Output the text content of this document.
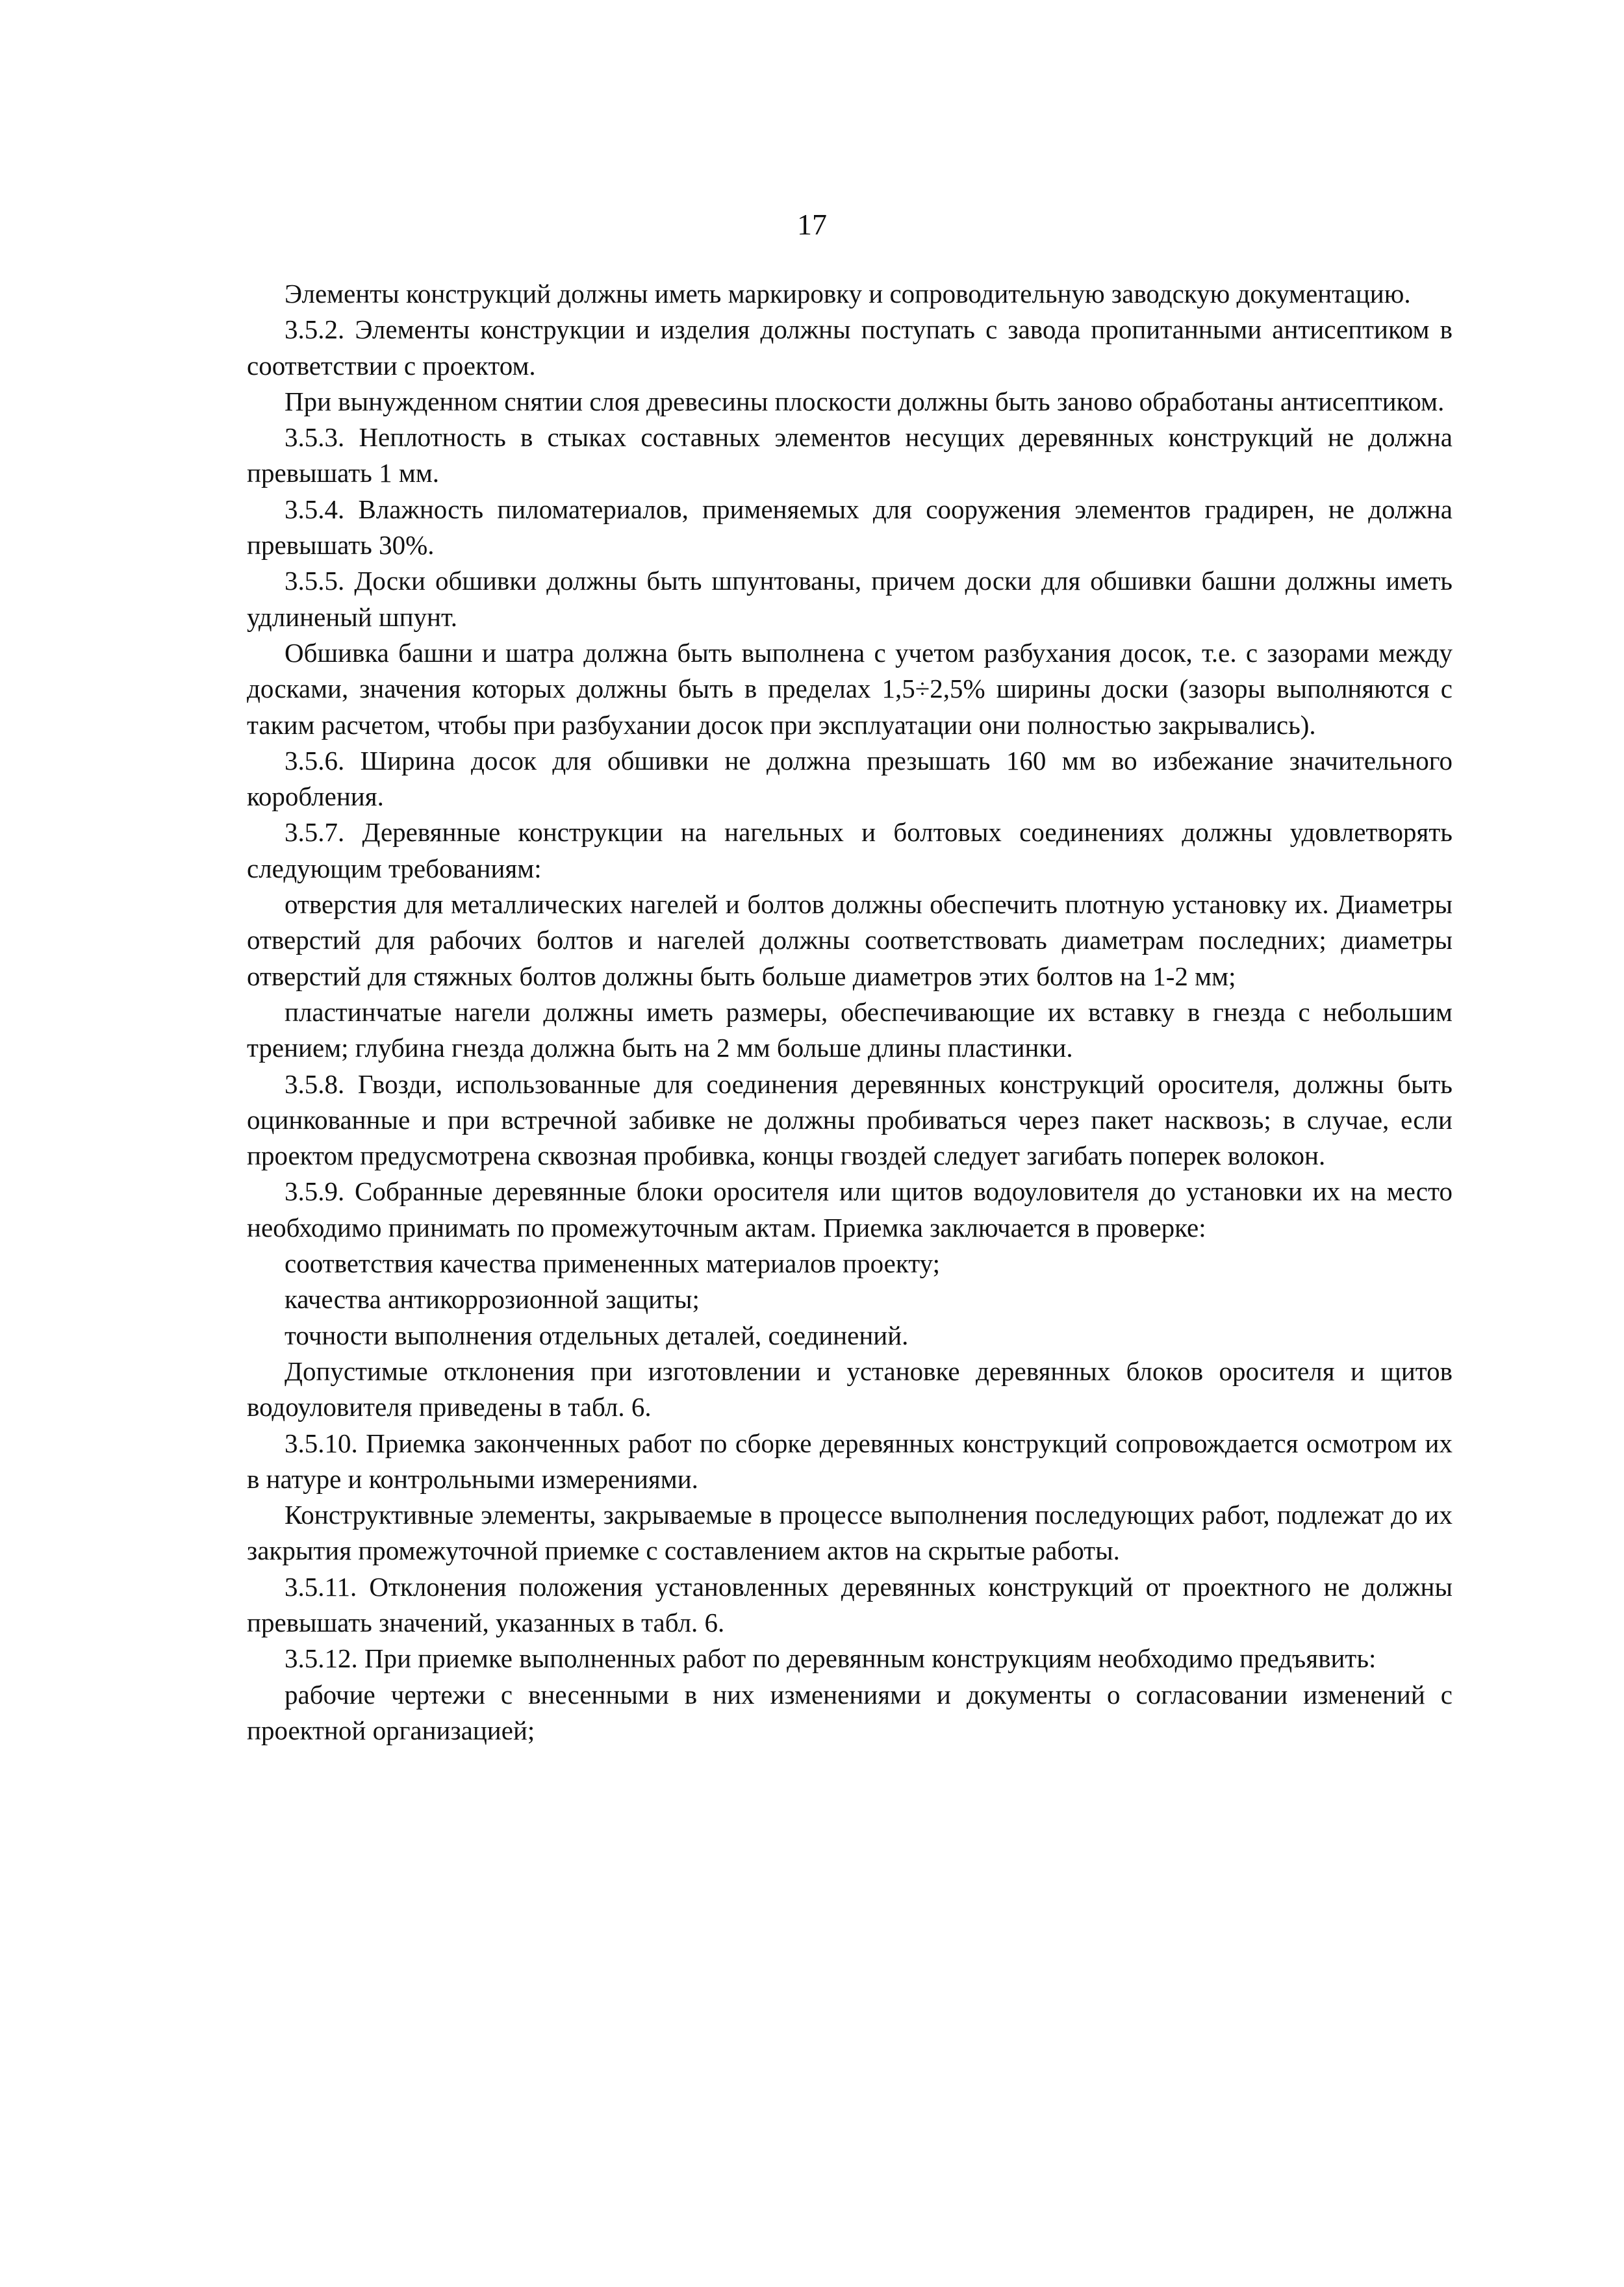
17

Элементы конструкций должны иметь маркировку и сопроводительную заводскую документацию.

3.5.2. Элементы конструкции и изделия должны поступать с завода пропитанными антисептиком в соответствии с проектом.

При вынужденном снятии слоя древесины плоскости должны быть заново обработаны антисептиком.

3.5.3. Неплотность в стыках составных элементов несущих деревянных конструкций не должна превышать 1 мм.

3.5.4. Влажность пиломатериалов, применяемых для сооружения элементов градирен, не должна превышать 30%.

3.5.5. Доски обшивки должны быть шпунтованы, причем доски для обшивки башни должны иметь удлиненый шпунт.

Обшивка башни и шатра должна быть выполнена с учетом разбухания досок, т.е. с зазорами между досками, значения которых должны быть в пределах 1,5÷2,5% ширины доски (зазоры выполняются с таким расчетом, чтобы при разбухании досок при эксплуатации они полностью закрывались).

3.5.6. Ширина досок для обшивки не должна презышать 160 мм во избежание значительного коробления.

3.5.7. Деревянные конструкции на нагельных и болтовых соединениях должны удовлетворять следующим требованиям:

отверстия для металлических нагелей и болтов должны обеспечить плотную установку их. Диаметры отверстий для рабочих болтов и нагелей должны соответствовать диаметрам последних; диаметры отверстий для стяжных болтов должны быть больше диаметров этих болтов на 1-2 мм;

пластинчатые нагели должны иметь размеры, обеспечивающие их вставку в гнезда с небольшим трением; глубина гнезда должна быть на 2 мм больше длины пластинки.

3.5.8. Гвозди, использованные для соединения деревянных конструкций оросителя, должны быть оцинкованные и при встречной забивке не должны пробиваться через пакет насквозь; в случае, если проектом предусмотрена сквозная пробивка, концы гвоздей следует загибать поперек волокон.

3.5.9. Собранные деревянные блоки оросителя или щитов водоуловителя до установки их на место необходимо принимать по промежуточным актам. Приемка заключается в проверке:

соответствия качества примененных материалов проекту;

качества антикоррозионной защиты;

точности выполнения отдельных деталей, соединений.

Допустимые отклонения при изготовлении и установке деревянных блоков оросителя и щитов водоуловителя приведены в табл. 6.

3.5.10. Приемка законченных работ по сборке деревянных конструкций сопровождается осмотром их в натуре и контрольными измерениями.

Конструктивные элементы, закрываемые в процессе выполнения последующих работ, подлежат до их закрытия промежуточной приемке с составлением актов на скрытые работы.

3.5.11. Отклонения положения установленных деревянных конструкций от проектного не должны превышать значений, указанных в табл. 6.

3.5.12. При приемке выполненных работ по деревянным конструкциям необходимо предъявить:

рабочие чертежи с внесенными в них изменениями и документы о согласовании изменений с проектной организацией;
